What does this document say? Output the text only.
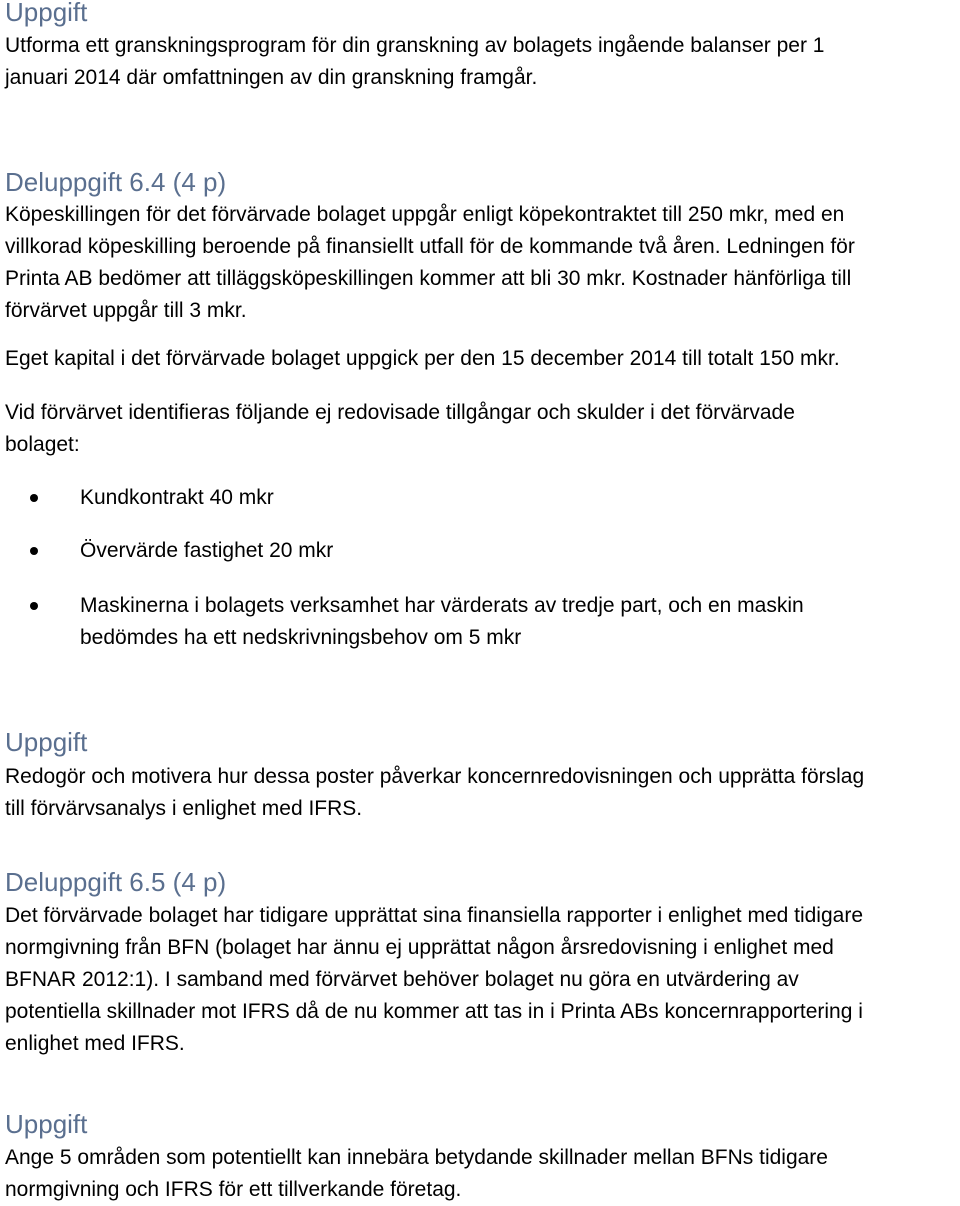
Uppgift

Utforma ett granskningsprogram för din granskning av bolagets ingående balanser per 1
januari 2014 där omfattningen av din granskning framgår.

Deluppgift 6.4 (4 p)

Köpeskillingen för det förvärvade bolaget uppgår enligt köpekontraktet till 250 mkr, med en
villkorad köpeskilling beroende på finansiellt utfall för de kommande två åren. Ledningen för
Printa AB bedömer att tilläggsköpeskillingen kommer att bli 30 mkr. Kostnader hänförliga till
förvärvet uppgår till 3 mkr.

Eget kapital i det förvärvade bolaget uppgick per den 15 december 2014 till totalt 150 mkr.

Vid förvärvet identifieras följande ej redovisade tillgångar och skulder i det förvärvade
bolaget:

Kundkontrakt 40 mkr
Övervärde fastighet 20 mkr
Maskinerna i bolagets verksamhet har värderats av tredje part, och en maskin
bedömdes ha ett nedskrivningsbehov om 5 mkr
Uppgift

Redogör och motivera hur dessa poster påverkar koncernredovisningen och upprätta förslag
till förvärvsanalys i enlighet med IFRS.

Deluppgift 6.5 (4 p)

Det förvärvade bolaget har tidigare upprättat sina finansiella rapporter i enlighet med tidigare
normgivning från BFN (bolaget har ännu ej upprättat någon årsredovisning i enlighet med
BFNAR 2012:1). I samband med förvärvet behöver bolaget nu göra en utvärdering av
potentiella skillnader mot IFRS då de nu kommer att tas in i Printa ABs koncernrapportering i
enlighet med IFRS.

Uppgift

Ange 5 områden som potentiellt kan innebära betydande skillnader mellan BFNs tidigare
normgivning och IFRS för ett tillverkande företag.
